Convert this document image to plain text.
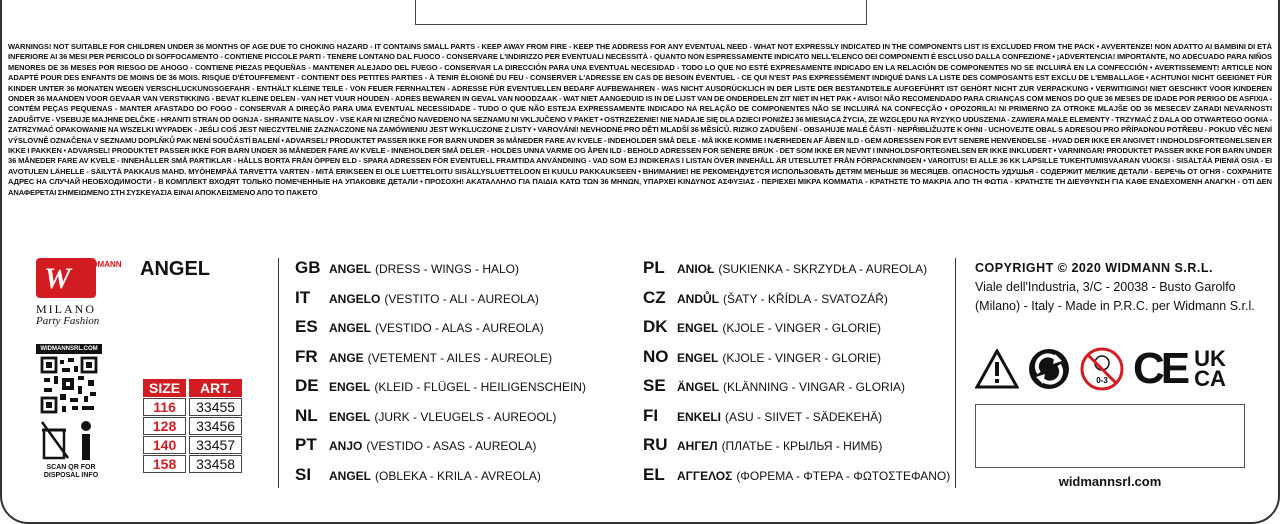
WARNINGS! NOT SUITABLE FOR CHILDREN UNDER 36 MONTHS OF AGE DUE TO CHOKING HAZARD - IT CONTAINS SMALL PARTS - KEEP AWAY FROM FIRE - KEEP THE ADDRESS FOR ANY EVENTUAL NEED - WHAT NOT EXPRESSLY INDICATED IN THE COMPONENTS LIST IS EXCLUDED FROM THE PACK • AVVERTENZE! NON ADATTO AI BAMBINI DI ETÀ INFERIORE AI 36 MESI PER PERICOLO DI SOFFOCAMENTO - CONTIENE PICCOLE PARTI - TENERE LONTANO DAL FUOCO - CONSERVARE L'INDIRIZZO PER EVENTUALI NECESSITÀ - QUANTO NON ESPRESSAMENTE INDICATO NELL'ELENCO DEI COMPONENTI È ESCLUSO DALLA CONFEZIONE • ¡ADVERTENCIA! IMPORTANTE, NO ADECUADO PARA NIÑOS MENORES DE 36 MESES POR RIESGO DE AHOGO - CONTIENE PIEZAS PEQUEÑAS - MANTENER ALEJADO DEL FUEGO - CONSERVAR LA DIRECCIÓN PARA UNA EVENTUAL NECESIDAD - TODO LO QUE NO ESTÉ EXPRESAMENTE INDICADO EN LA RELACIÓN DE COMPONENTES NO SE INCLUIRÁ EN LA CONFECCIÓN • AVERTISSEMENT! ARTICLE NON ADAPTÉ POUR DES ENFANTS DE MOINS DE 36 MOIS. RISQUE D'ÉTOUFFEMENT - CONTIENT DES PETITES PARTIES - À TENIR ÉLOIGNÉ DU FEU - CONSERVER L'ADRESSE EN CAS DE BESOIN ÉVENTUEL - CE QUI N'EST PAS EXPRESSÉMENT INDIQUÉ DANS LA LISTE DES COMPOSANTS EST EXCLU DE L'EMBALLAGE • ACHTUNG! NICHT GEEIGNET FÜR KINDER UNTER 36 MONATEN WEGEN VERSCHLUCKUNGSGEFAHR - ENTHÄLT KLEINE TEILE - VON FEUER FERNHALTEN - ADRESSE FÜR EVENTUELLEN BEDARF AUFBEWAHREN - WAS NICHT AUSDRÜCKLICH IN DER LISTE DER BESTANDTEILE AUFGEFÜHRT IST GEHÖRT NICHT ZUR VERPACKUNG • VERWITIGING! NIET GESCHIKT VOOR KINDEREN ONDER 36 MAANDEN VOOR GEVAAR VAN VERSTIKKING - BEVAT KLEINE DELEN - VAN HET VUUR HOUDEN - ADRES BEWAREN IN GEVAL VAN NOODZAAK - WAT NIET AANGEDUID IS IN DE LIJST VAN DE ONDERDELEN ZIT NIET IN HET PAK • AVISO! NÃO RECOMENDADO PARA CRIANÇAS COM MENOS DO QUE 36 MESES DE IDADE POR PERIGO DE ASFIXIA - CONTÉM PEÇAS PEQUENAS - MANTER AFASTADO DO FOGO - CONSERVAR A DIREÇÃO PARA UMA EVENTUAL NECESSIDADE - TUDO O QUE NÃO ESTEJA EXPRESSAMENTE INDICADO NA RELAÇÃO DE COMPONENTES NÃO SE INCLUIRÁ NA CONFECÇÃO • OPOZORILA! NI PRIMERNO ZA OTROKE MLAJŠE OD 36 MESECEV ZARADI NEVARNOSTI ZADUŠITVE - VSEBUJE MAJHNE DELČKE - HRANITI STRAN OD OGNJA - SHRANITE NASLOV - VSE KAR NI IZREČNO NAVEDENO NA SEZNAMU NI VKLJUČENO V PAKET • OSTRZEŻENIE! NIE NADAJE SIĘ DLA DZIECI PONIŻEJ 36 MIESIĄCA ŻYCIA, ZE WZGLĘDU NA RYZYKO UDUSZENIA - ZAWIERA MAŁE ELEMENTY - TRZYMAĆ Z DALA OD OTWARTEGO OGNIA - ZATRZYMAĆ OPAKOWANIE NA WSZELKI WYPADEK - JEŚLI COŚ JEST NIECZYTELNIE ZAZNACZONE NA ZAMÓWIENIU JEST WYKLUCZONE Z LISTY • VAROVÁNÍ! NEVHODNÉ PRO DĚTI MLADŠÍ 36 MĚSÍCŮ. RIZIKO ZADUŠENÍ - OBSAHUJE MALÉ ČÁSTI - NEPŘIBLIŽUJTE K OHNI - UCHOVEJTE OBAL S ADRESOU PRO PŘÍPADNOU POTŘEBU - POKUD VĚC NENÍ VÝSLOVNĚ OZNAČENA V SEZNAMU DOPLŇKŮ PAK NENÍ SOUČÁSTÍ BALENÍ • ADVARSEL! PRODUKTET PASSER IKKE FOR BARN UNDER 36 MÅNEDER FARE AV KVELE - INDEHOLDER SMÅ DELE - MÅ IKKE KOMME I NÆRHEDEN AF ÅBEN ILD - GEM ADRESSEN FOR EVT SENERE HENVENDELSE - HVAD DER IKKE ER ANGIVET I INDHOLDSFORTEGNELSEN ER IKKE I PAKKEN • ADVARSEL! PRODUKTET PASSER IKKE FOR BARN UNDER 36 MÅNEDER FARE AV KVELE - INNEHOLDER SMÅ DELER - HOLDES UNNA VARME OG ÅPEN ILD - BEHOLD ADRESSEN FOR SENERE BRUK - DET SOM IKKE ER NEVNT I INNHOLDSFORTEGNELSEN ER IKKE INKLUDERT • VARNINGAR! PRODUKTET PASSER IKKE FOR BARN UNDER 36 MÅNEDER FARE AV KVELE - INNEHÅLLER SMÅ PARTIKLAR - HÅLLS BORTA FRÅN ÖPPEN ELD - SPARA ADRESSEN FÖR EVENTUELL FRAMTIDA ANVÄNDNING - VAD SOM EJ INDIKERAS I LISTAN ÖVER INNEHÅLL ÄR UTESLUTET FRÅN FÖRPACKNINGEN • VAROITUS! EI ALLE 36 KK LAPSILLE TUKEHTUMISVAARAN VUOKSI - SISÄLTÄÄ PIENIÄ OSIA - EI AVOTULEN LÄHELLE - SÄILYTÄ PAKKAUS MAHD. MYÖHEMPÄÄ TARVETTA VARTEN - MITÄ ERIKSEEN EI OLE LUETTELOITU SISÄLLYSLUETTELOON EI KUULU PAKKAUKSEEN • ВНИМАНИЕ! НЕ РЕКОМЕНДУЕТСЯ ИСПОЛЬЗОВАТЬ ДЕТЯМ МЕНЬШЕ 36 МЕСЯЦЕВ. ОПАСНОСТЬ УДУШЬЯ - СОДЕРЖИТ МЕЛКИЕ ДЕТАЛИ - БЕРЕЧЬ ОТ ОГНЯ - СОХРАНИТЕ АДРЕС НА СЛУЧАЙ НЕОБХОДИМОСТИ - В КОМПЛЕКТ ВХОДЯТ ТОЛЬКО ПОМЕЧЕННЫЕ НА УПАКОВКЕ ДЕТАЛИ • ΠΡΟΣΟΧΗ! ΑΚΑΤΑΛΛΗΛΟ ΓΙΑ ΠΑΙΔΙΑ ΚΑΤΩ ΤΩΝ 36 ΜΗΝΩΝ, ΥΠΑΡΧΕΙ ΚΙΝΔΥΝΟΣ ΑΣΦΥΞΙΑΣ - ΠΕΡΙΕΧΕΙ ΜΙΚΡΑ ΚΟΜΜΑΤΙΑ - ΚΡΑΤΗΣΤΕ ΤΟ ΜΑΚΡΙΑ ΑΠΟ ΤΗ ΦΩΤΙΑ - ΚΡΑΤΗΣΤΕ ΤΗ ΔΙΕΥΘΥΝΣΗ ΓΙΑ ΚΑΘΕ ΕΝΔΕΧΟΜΕΝΗ ΑΝΑΓΚΗ - ΟΤΙ ΔΕΝ ΑΝΑΦΕΡΕΤΑΙ ΣΗΜΕΙΩΜΕΝΟ ΣΤΗ ΣΥΣΚΕΥΑΣΙΑ ΕΙΝΑΙ ΑΠΟΚΛΕΙΣΜΕΝΟ ΑΠΟ ΤΟ ΠΑΚΕΤΟ
W WIDMANN
MILANO
Party Fashion
ANGEL
WIDMANNSRL.COM
SCAN QR FOR DISPOSAL INFO
SIZE	ART.
116	33455
128	33456
140	33457
158	33458
GB ANGEL (DRESS - WINGS - HALO)
IT	ANGELO (VESTITO - ALI - AUREOLA)
ES ANGEL (VESTIDO - ALAS - AUREOLA)
FR ANGE (VETEMENT - AILES - AUREOLE)
DE ENGEL (KLEID - FLÜGEL - HEILIGENSCHEIN)
NL ENGEL (JURK - VLEUGELS - AUREOOL)
PT	ANJO (VESTIDO - ASAS - AUREOLA)
SI	ANGEL (OBLEKA - KRILA - AVREOLA)
PL	ANIOŁ (SUKIENKA - SKRZYDŁA - AUREOLA)
CZ ANDŮL (ŠATY - KŘÍDLA - SVATOZÁŘ)
DK ENGEL (KJOLE - VINGER - GLORIE)
NO ENGEL (KJOLE - VINGER - GLORIE)
SE ÄNGEL (KLÄNNING - VINGAR - GLORIA)
FI	ENKELI (ASU - SIIVET - SÄDEKEHÄ)
RU АНГЕЛ (ПЛАТЬЕ - КРЫЛЬЯ - НИМБ)
EL	ΑΓΓΕΛΟΣ (ΦΟΡΕΜΑ - ΦΤΕΡΑ - ΦΩΤΟΣΤΕΦΑΝΟ)
COPYRIGHT © 2020 WIDMANN S.R.L.
Viale dell'Industria, 3/C - 20038 - Busto Garolfo
(Milano) - Italy - Made in P.R.C. per Widmann S.r.l.
0-3 CE UK
CA
widmannsrl.com
